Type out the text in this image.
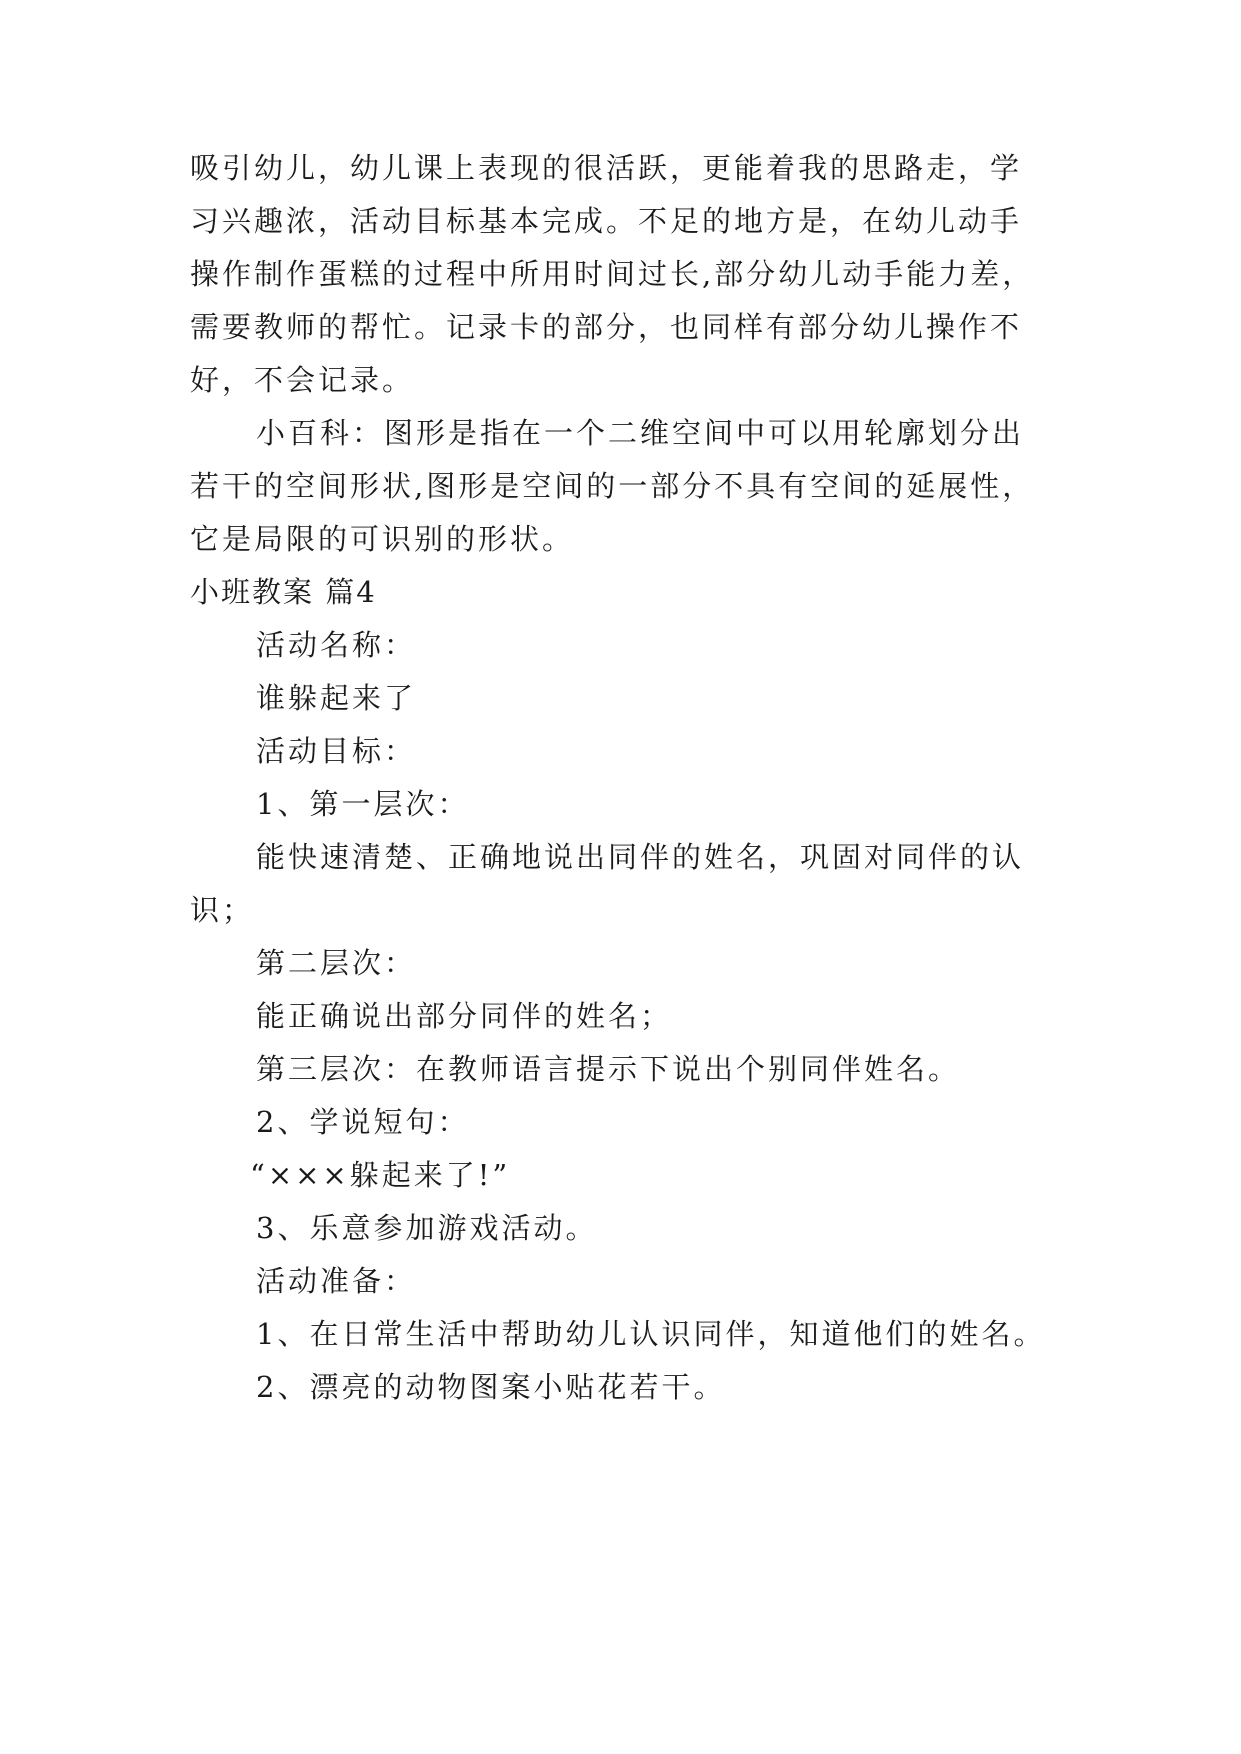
吸引幼儿，幼儿课上表现的很活跃，更能着我的思路走，学
习兴趣浓，活动目标基本完成。不足的地方是，在幼儿动手
操作制作蛋糕的过程中所用时间过长,部分幼儿动手能力差，
需要教师的帮忙。记录卡的部分，也同样有部分幼儿操作不
好，不会记录。
小百科：图形是指在一个二维空间中可以用轮廓划分出
若干的空间形状,图形是空间的一部分不具有空间的延展性，
它是局限的可识别的形状。
小班教案 篇4
活动名称：
谁躲起来了
活动目标：
1、第一层次：
能快速清楚、正确地说出同伴的姓名，巩固对同伴的认
识；
第二层次：
能正确说出部分同伴的姓名；
第三层次：在教师语言提示下说出个别同伴姓名。
2、学说短句：
“×××躲起来了!”
3、乐意参加游戏活动。
活动准备：
1、在日常生活中帮助幼儿认识同伴，知道他们的姓名。
2、漂亮的动物图案小贴花若干。
